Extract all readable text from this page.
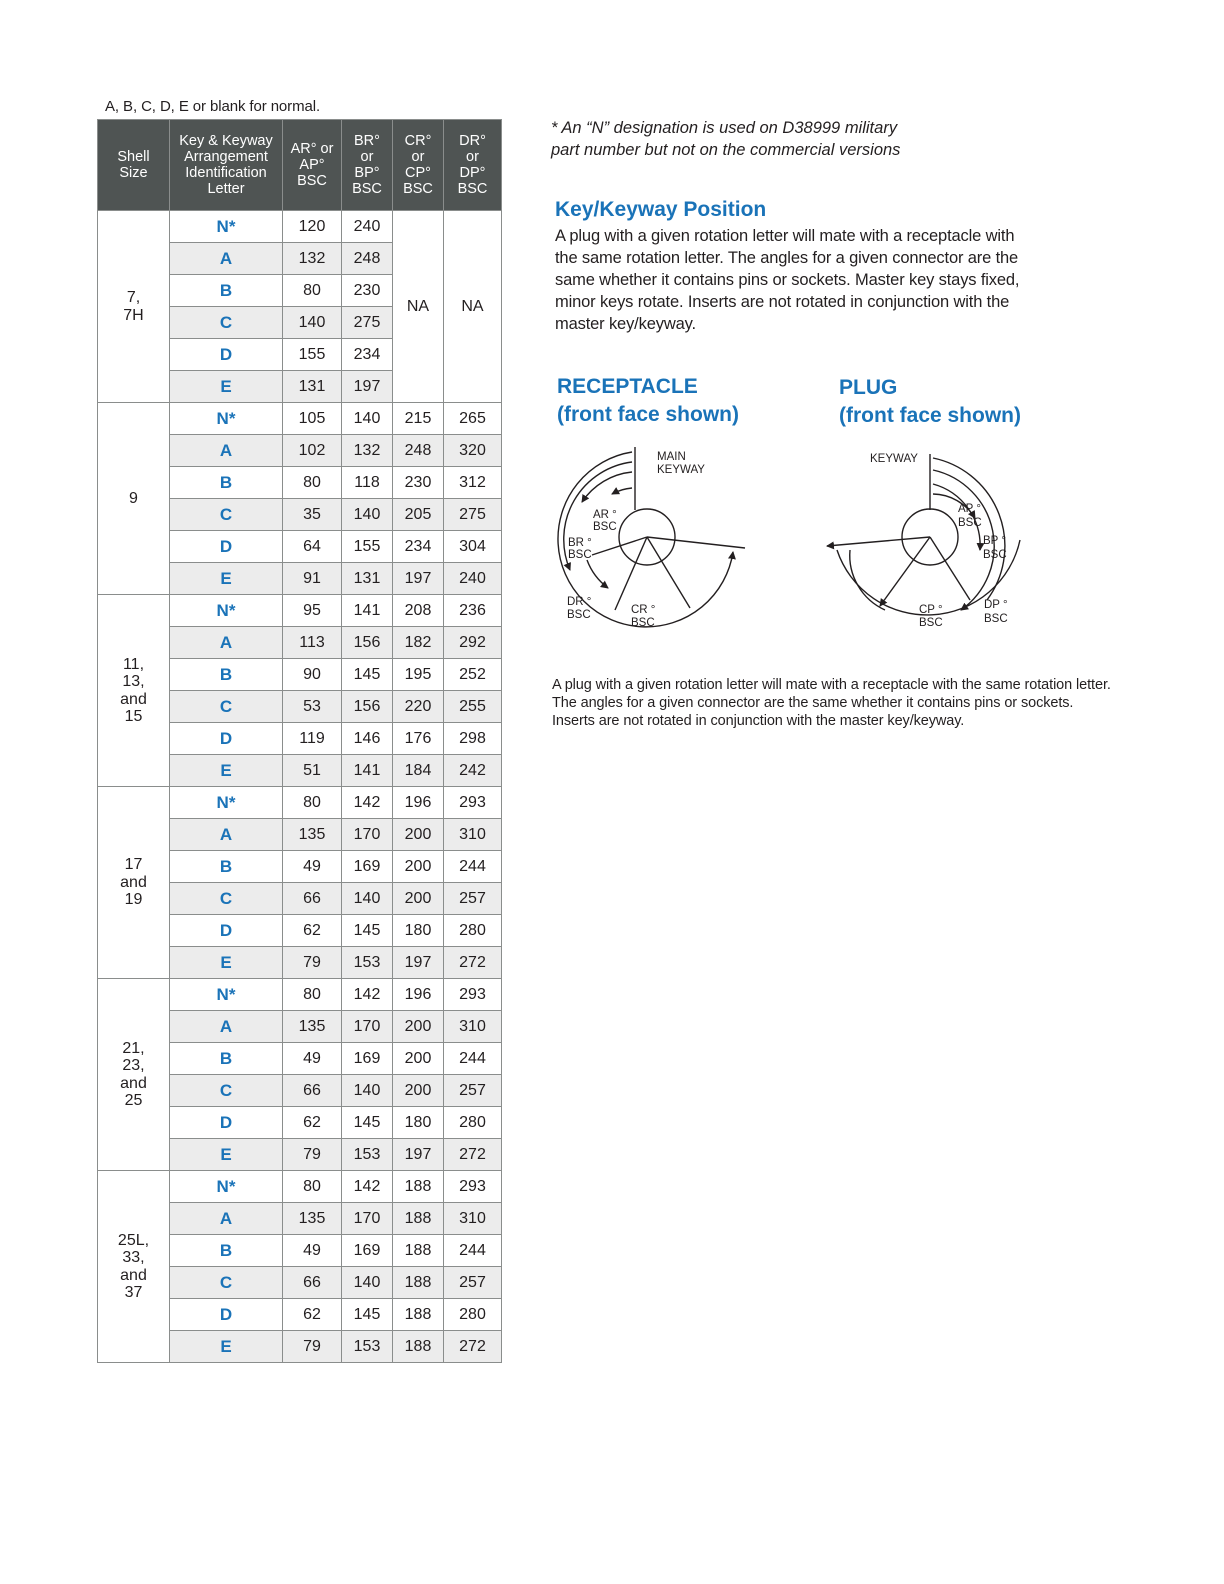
A, B, C, D, E or blank for normal.
Shell
Size	Key & Keyway
Arrangement
Identification
Letter	AR° or
AP°
BSC	BR°
or
BP°
BSC	CR°
or
CP°
BSC	DR°
or
DP°
BSC
7,
7H	N*	120	240	NA	NA
	A	132	248		
	B	80	230		
	C	140	275		
	D	155	234		
	E	131	197		
9	N*	105	140	215	265
	A	102	132	248	320
	B	80	118	230	312
	C	35	140	205	275
	D	64	155	234	304
	E	91	131	197	240
11,
13,
and
15	N*	95	141	208	236
	A	113	156	182	292
	B	90	145	195	252
	C	53	156	220	255
	D	119	146	176	298
	E	51	141	184	242
17
and
19	N*	80	142	196	293
	A	135	170	200	310
	B	49	169	200	244
	C	66	140	200	257
	D	62	145	180	280
	E	79	153	197	272
21,
23,
and
25	N*	80	142	196	293
	A	135	170	200	310
	B	49	169	200	244
	C	66	140	200	257
	D	62	145	180	280
	E	79	153	197	272
25L,
33,
and
37	N*	80	142	188	293
	A	135	170	188	310
	B	49	169	188	244
	C	66	140	188	257
	D	62	145	188	280
	E	79	153	188	272
* An “N” designation is used on D38999 military
part number but not on the commercial versions
Key/Keyway Position
A plug with a given rotation letter will mate with a receptacle with the same rotation letter. The angles for a given connector are the same whether it contains pins or sockets. Master key stays fixed, minor keys rotate. Inserts are not rotated in conjunction with the master key/keyway.
RECEPTACLE
(front face shown)
PLUG
(front face shown)
MAIN
KEYWAY
AR °
BSC
BR °
BSC
DR °
BSC	CR °
BSC
KEYWAY
AP °
BSC
BP °
BSC
CP °
BSC
DP °
BSC
A plug with a given rotation letter will mate with a receptacle with the same rotation letter. The angles for a given connector are the same whether it contains pins or sockets. Inserts are not rotated in conjunction with the master key/keyway.
